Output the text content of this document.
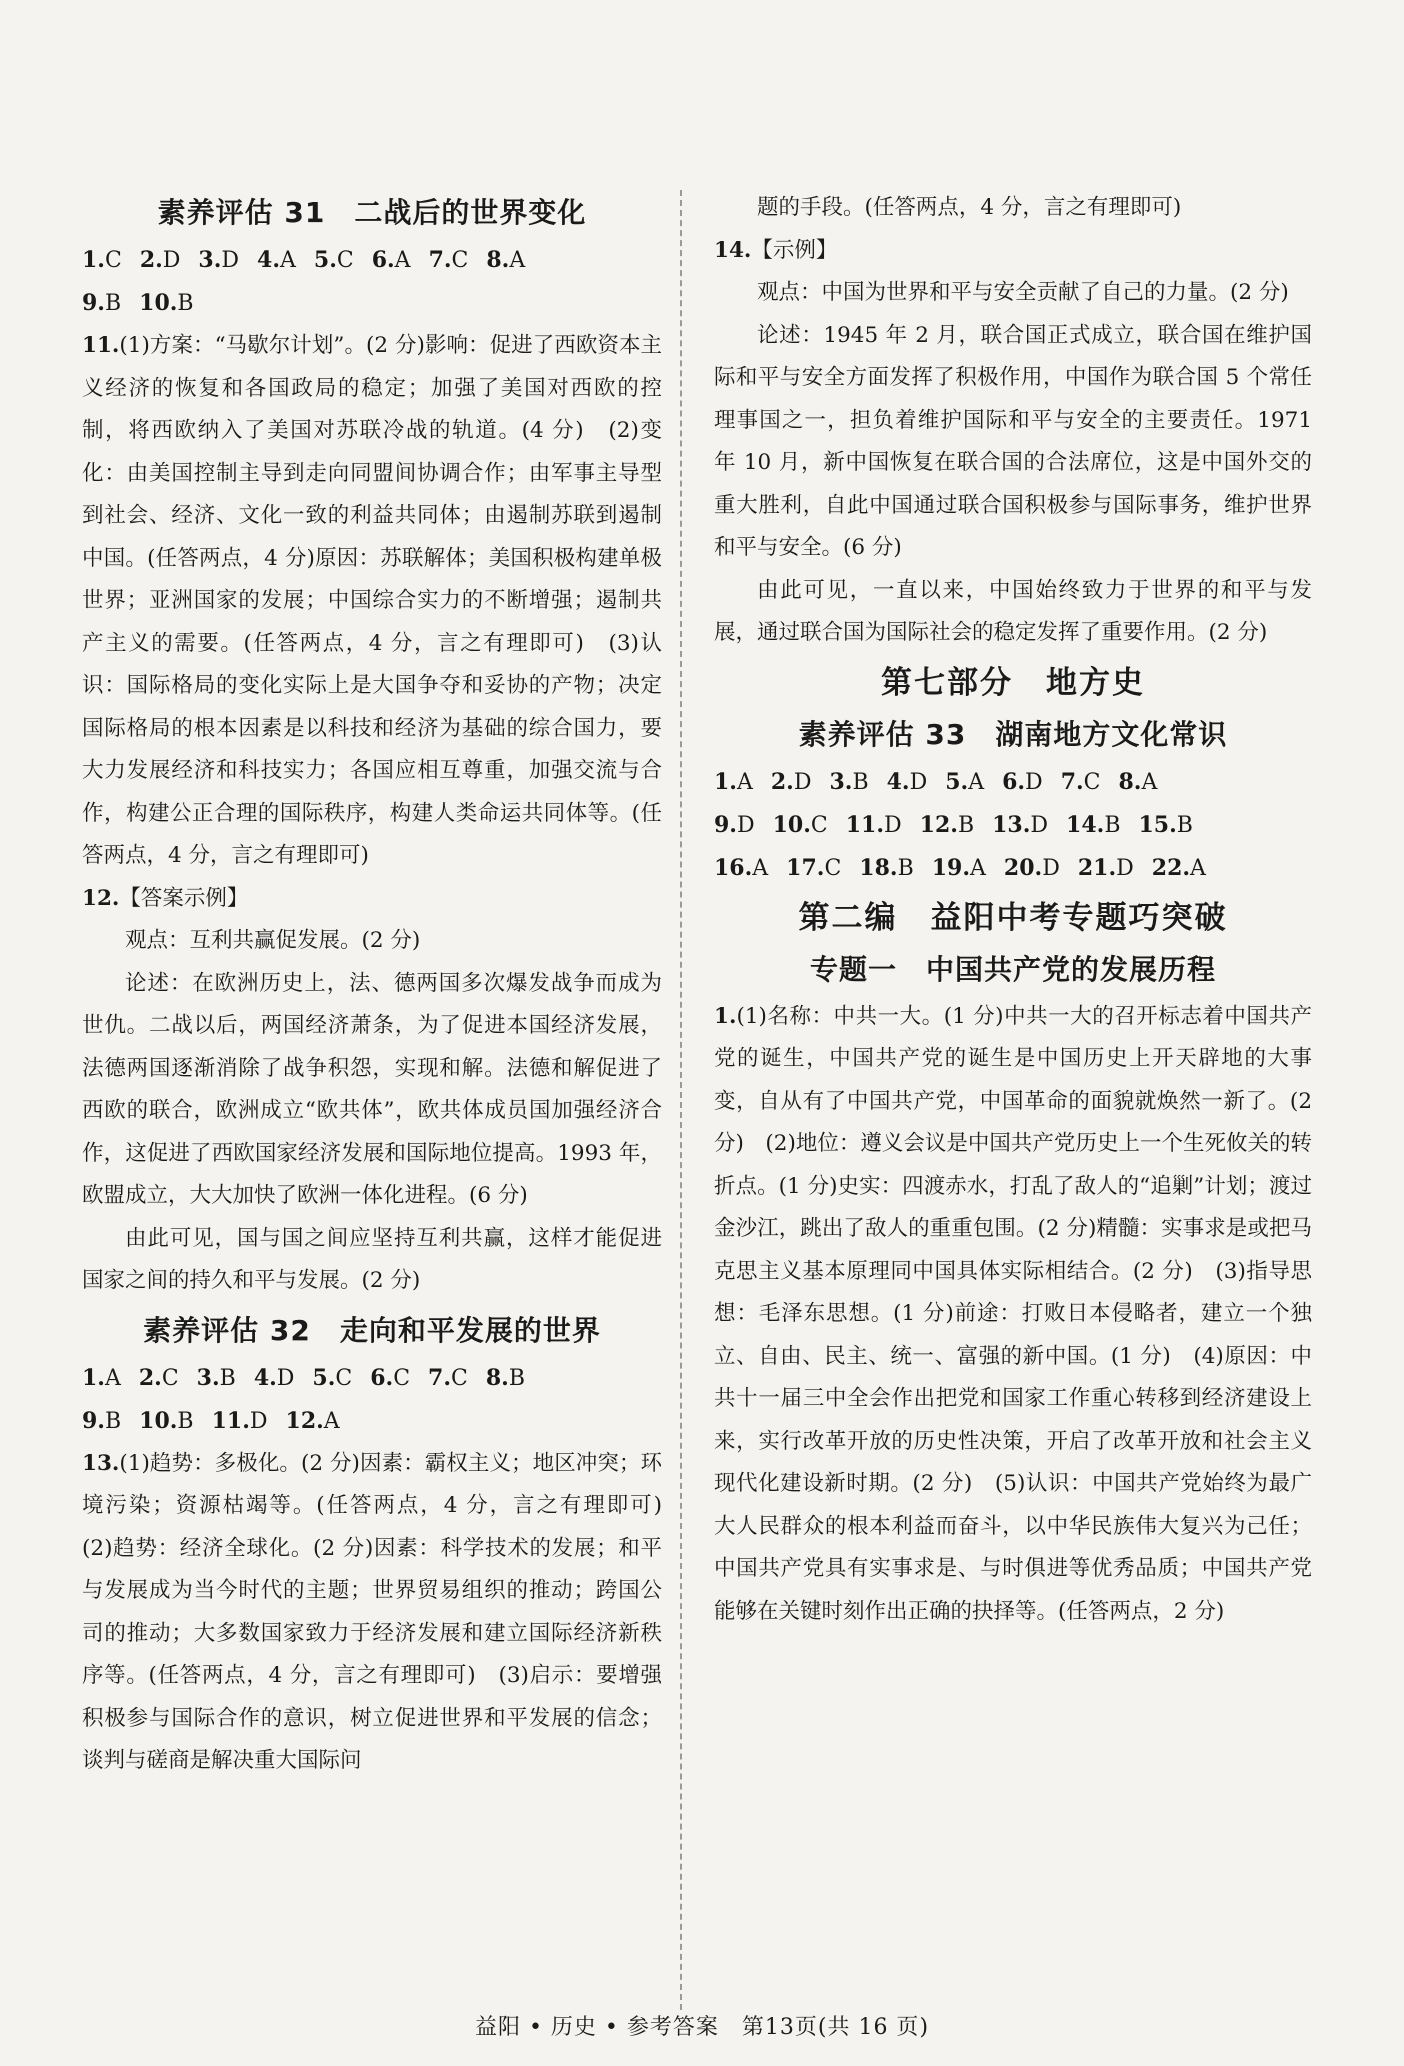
素养评估 31　二战后的世界变化
1.C 2.D 3.D 4.A 5.C 6.A 7.C 8.A
9.B 10.B

11.(1)方案：“马歇尔计划”。(2 分)影响：促进了西欧资本主义经济的恢复和各国政局的稳定；加强了美国对西欧的控制，将西欧纳入了美国对苏联冷战的轨道。(4 分)　(2)变化：由美国控制主导到走向同盟间协调合作；由军事主导型到社会、经济、文化一致的利益共同体；由遏制苏联到遏制中国。(任答两点，4 分)原因：苏联解体；美国积极构建单极世界；亚洲国家的发展；中国综合实力的不断增强；遏制共产主义的需要。(任答两点，4 分，言之有理即可)　(3)认识：国际格局的变化实际上是大国争夺和妥协的产物；决定国际格局的根本因素是以科技和经济为基础的综合国力，要大力发展经济和科技实力；各国应相互尊重，加强交流与合作，构建公正合理的国际秩序，构建人类命运共同体等。(任答两点，4 分，言之有理即可)

12.【答案示例】

观点：互利共赢促发展。(2 分)

论述：在欧洲历史上，法、德两国多次爆发战争而成为世仇。二战以后，两国经济萧条，为了促进本国经济发展，法德两国逐渐消除了战争积怨，实现和解。法德和解促进了西欧的联合，欧洲成立“欧共体”，欧共体成员国加强经济合作，这促进了西欧国家经济发展和国际地位提高。1993 年，欧盟成立，大大加快了欧洲一体化进程。(6 分)

由此可见，国与国之间应坚持互利共赢，这样才能促进国家之间的持久和平与发展。(2 分)

素养评估 32　走向和平发展的世界
1.A 2.C 3.B 4.D 5.C 6.C 7.C 8.B
9.B 10.B 11.D 12.A

13.(1)趋势：多极化。(2 分)因素：霸权主义；地区冲突；环境污染；资源枯竭等。(任答两点，4 分，言之有理即可)　(2)趋势：经济全球化。(2 分)因素：科学技术的发展；和平与发展成为当今时代的主题；世界贸易组织的推动；跨国公司的推动；大多数国家致力于经济发展和建立国际经济新秩序等。(任答两点，4 分，言之有理即可)　(3)启示：要增强积极参与国际合作的意识，树立促进世界和平发展的信念；谈判与磋商是解决重大国际问

题的手段。(任答两点，4 分，言之有理即可)

14.【示例】

观点：中国为世界和平与安全贡献了自己的力量。(2 分)

论述：1945 年 2 月，联合国正式成立，联合国在维护国际和平与安全方面发挥了积极作用，中国作为联合国 5 个常任理事国之一，担负着维护国际和平与安全的主要责任。1971 年 10 月，新中国恢复在联合国的合法席位，这是中国外交的重大胜利，自此中国通过联合国积极参与国际事务，维护世界和平与安全。(6 分)

由此可见，一直以来，中国始终致力于世界的和平与发展，通过联合国为国际社会的稳定发挥了重要作用。(2 分)

第七部分　地方史
素养评估 33　湖南地方文化常识
1.A 2.D 3.B 4.D 5.A 6.D 7.C 8.A
9.D 10.C 11.D 12.B 13.D 14.B 15.B
16.A 17.C 18.B 19.A 20.D 21.D 22.A
第二编　益阳中考专题巧突破
专题一　中国共产党的发展历程

1.(1)名称：中共一大。(1 分)中共一大的召开标志着中国共产党的诞生，中国共产党的诞生是中国历史上开天辟地的大事变，自从有了中国共产党，中国革命的面貌就焕然一新了。(2 分)　(2)地位：遵义会议是中国共产党历史上一个生死攸关的转折点。(1 分)史实：四渡赤水，打乱了敌人的“追剿”计划；渡过金沙江，跳出了敌人的重重包围。(2 分)精髓：实事求是或把马克思主义基本原理同中国具体实际相结合。(2 分)　(3)指导思想：毛泽东思想。(1 分)前途：打败日本侵略者，建立一个独立、自由、民主、统一、富强的新中国。(1 分)　(4)原因：中共十一届三中全会作出把党和国家工作重心转移到经济建设上来，实行改革开放的历史性决策，开启了改革开放和社会主义现代化建设新时期。(2 分)　(5)认识：中国共产党始终为最广大人民群众的根本利益而奋斗，以中华民族伟大复兴为己任；中国共产党具有实事求是、与时俱进等优秀品质；中国共产党能够在关键时刻作出正确的抉择等。(任答两点，2 分)

益阳 • 历史 • 参考答案　第13页(共 16 页)
